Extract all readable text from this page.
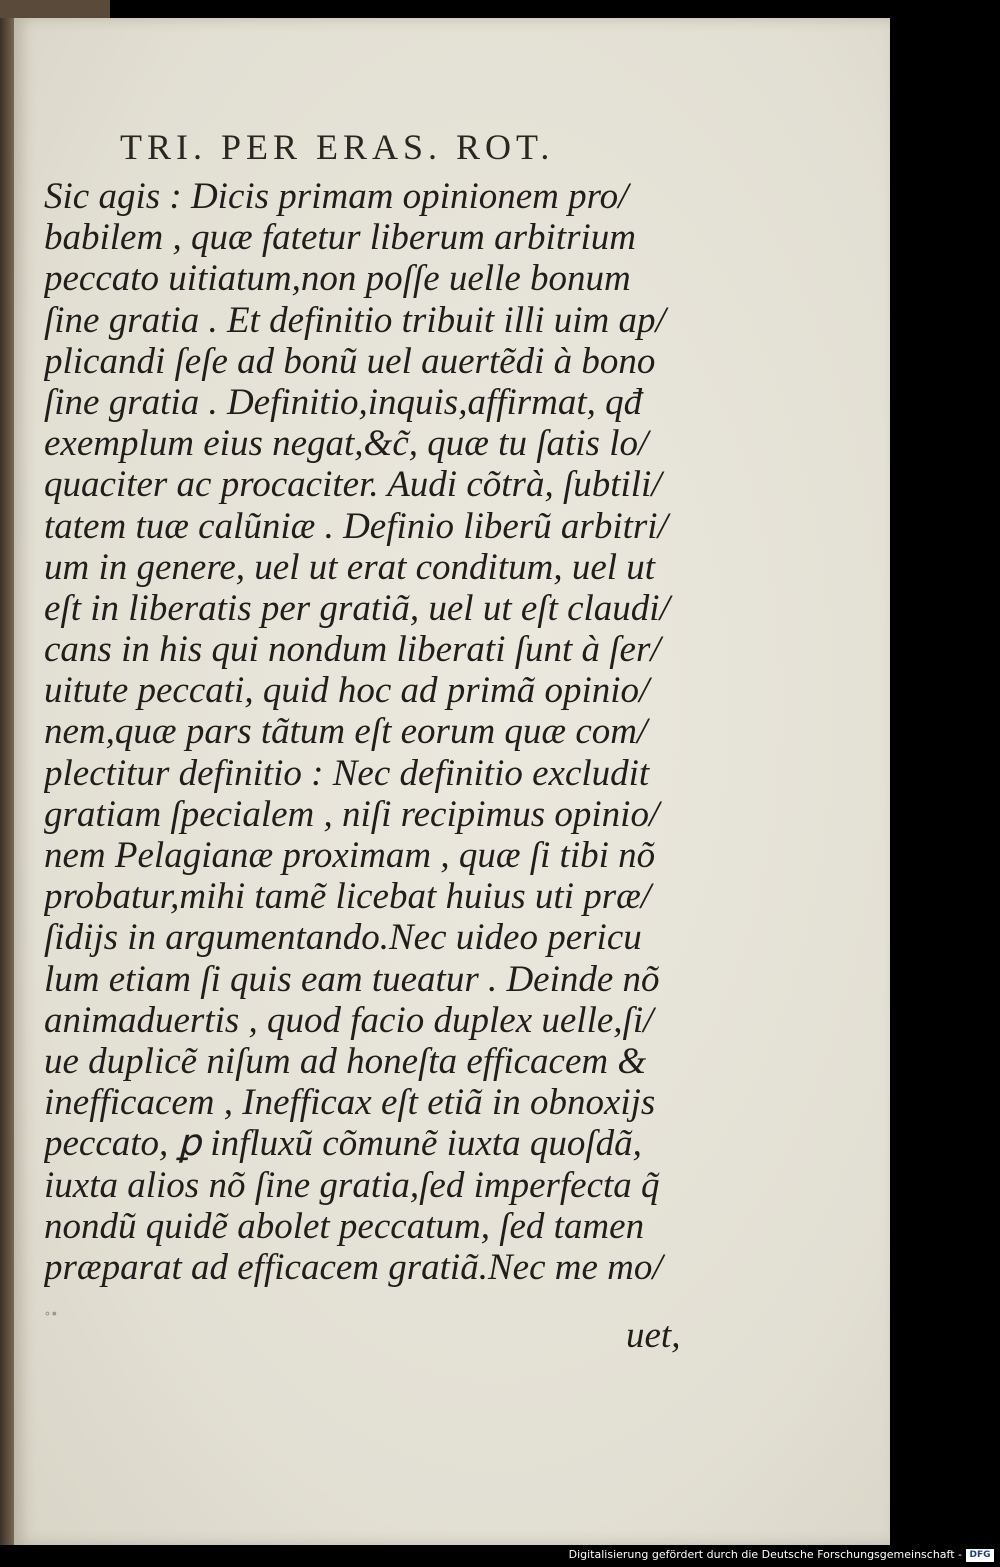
TRI. PER ERAS. ROT.
Sic agis : Dicis primam opinionem pro/
babilem , quæ fatetur liberum arbitrium
peccato uitiatum,non poſſe uelle bonum
ſine gratia . Et definitio tribuit illi uim ap/
plicandi ſeſe ad bonũ uel auertẽdi à bono
ſine gratia . Definitio,inquis,affirmat, qđ
exemplum eius negat,&c̃, quæ tu ſatis lo/
quaciter ac procaciter. Audi cõtrà, ſubtili/
tatem tuæ calũniæ . Definio liberũ arbitri/
um in genere, uel ut erat conditum, uel ut
eſt in liberatis per gratiã, uel ut eſt claudi/
cans in his qui nondum liberati ſunt à ſer/
uitute peccati, quid hoc ad primã opinio/
nem,quæ pars tãtum eſt eorum quæ com/
plectitur definitio : Nec definitio excludit
gratiam ſpecialem , niſi recipimus opinio/
nem Pelagianæ proximam , quæ ſi tibi nõ
probatur,mihi tamẽ licebat huius uti præ/
ſidijs in argumentando.Nec uideo pericu
lum etiam ſi quis eam tueatur . Deinde nõ
animaduertis , quod facio duplex uelle,ſi/
ue duplicẽ niſum ad honeſta efficacem &
inefficacem , Inefficax eſt etiã in obnoxijs
peccato, ꝑ influxũ cõmunẽ iuxta quoſdã,
iuxta alios nõ ſine gratia,ſed imperfecta q̃
nondũ quidẽ abolet peccatum, ſed tamen
præparat ad efficacem gratiã.Nec me mo/
∘∙
uet,
Digitalisierung gefördert durch die Deutsche Forschungsgemeinschaft - DFG
